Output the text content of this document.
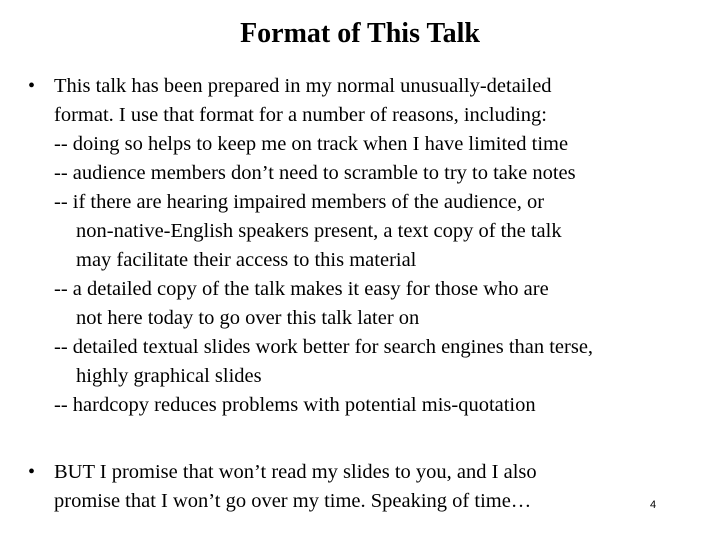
Format of This Talk
• This talk has been prepared in my normal unusually-detailed
format. I use that format for a number of reasons, including:
-- doing so helps to keep me on track when I have limited time
-- audience members don’t need to scramble to try to take notes
-- if there are hearing impaired members of the audience, or
non-native-English speakers present, a text copy of the talk
may facilitate their access to this material
-- a detailed copy of the talk makes it easy for those who are
not here today to go over this talk later on
-- detailed textual slides work better for search engines than terse,
highly graphical slides
-- hardcopy reduces problems with potential mis-quotation
• BUT I promise that won’t read my slides to you, and I also
promise that I won’t go over my time. Speaking of time…	4
